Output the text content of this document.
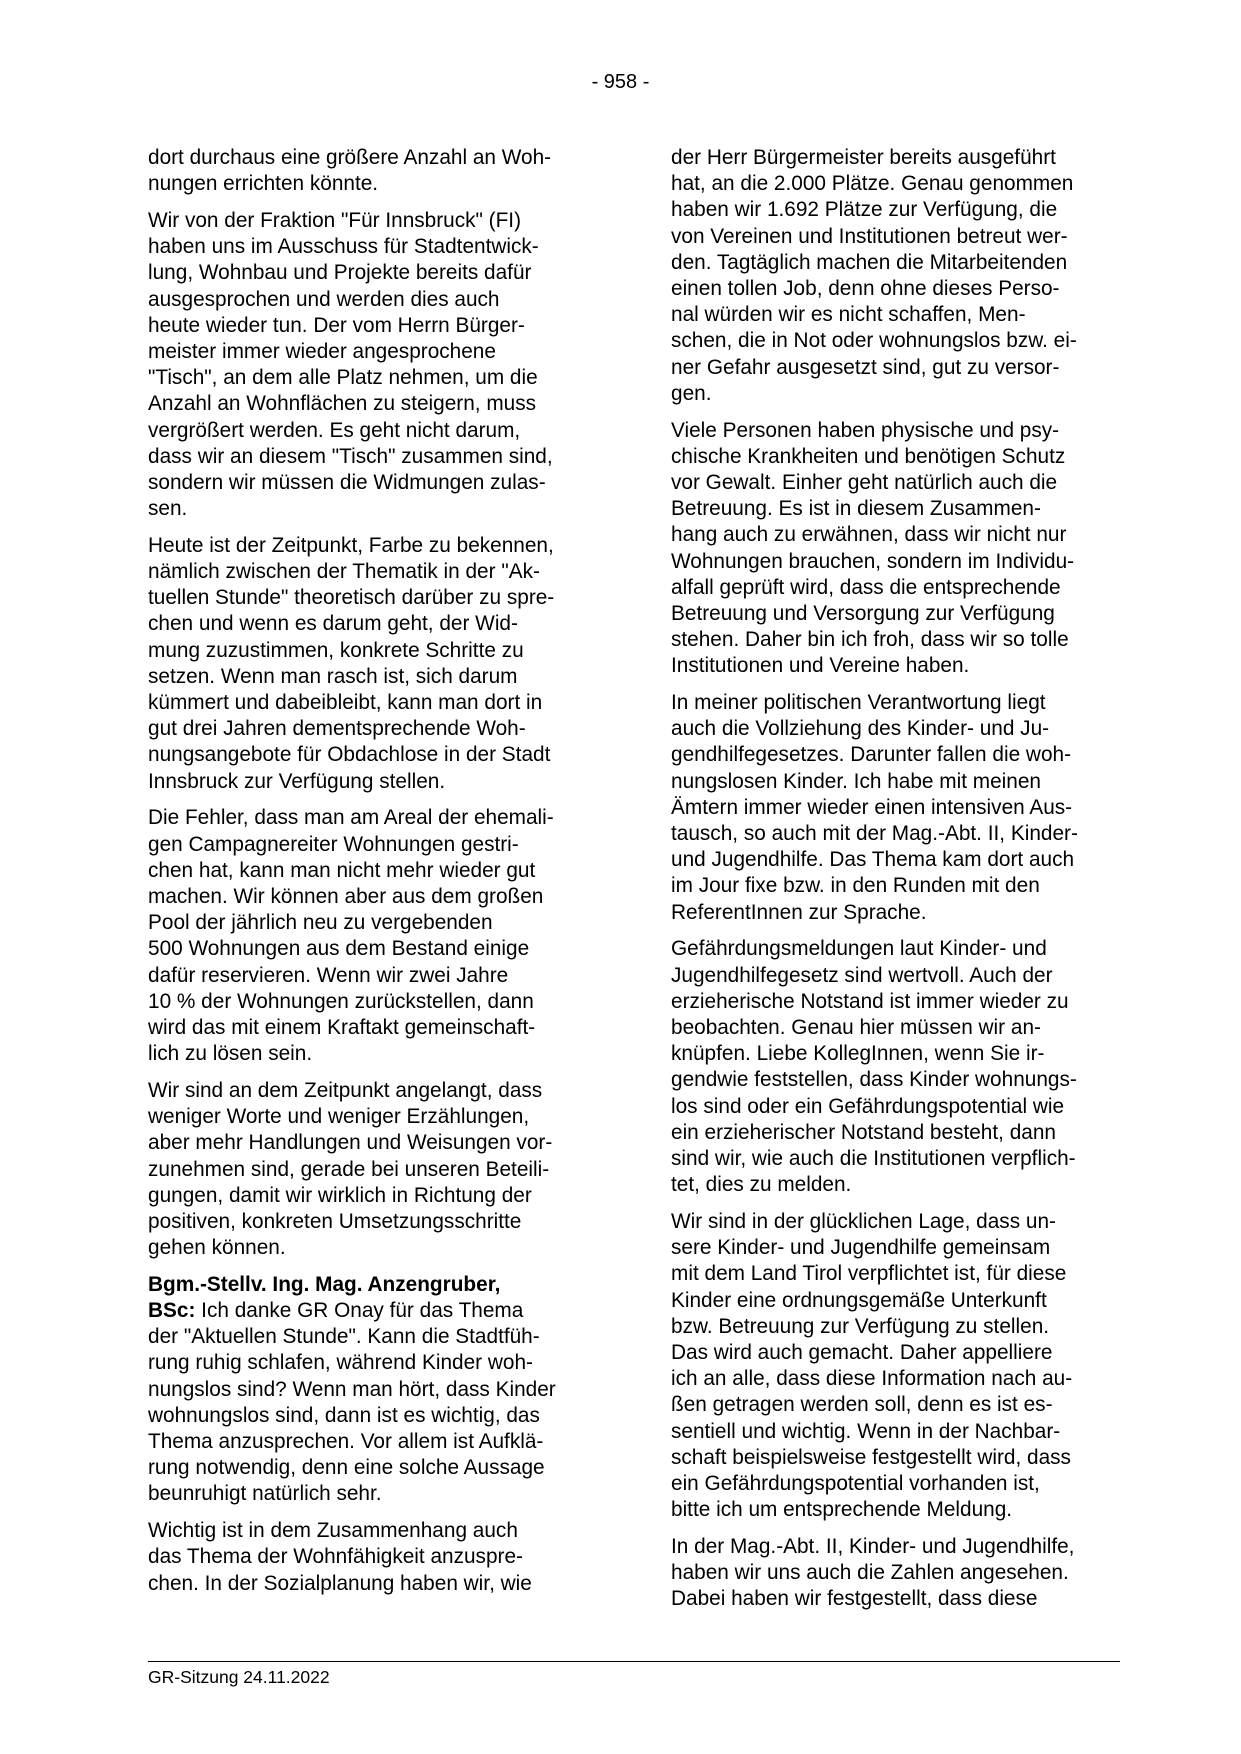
- 958 -

dort durchaus eine größere Anzahl an Woh-
nungen errichten könnte.

Wir von der Fraktion "Für Innsbruck" (FI)
haben uns im Ausschuss für Stadtentwick-
lung, Wohnbau und Projekte bereits dafür
ausgesprochen und werden dies auch
heute wieder tun. Der vom Herrn Bürger-
meister immer wieder angesprochene
"Tisch", an dem alle Platz nehmen, um die
Anzahl an Wohnflächen zu steigern, muss
vergrößert werden. Es geht nicht darum,
dass wir an diesem "Tisch" zusammen sind,
sondern wir müssen die Widmungen zulas-
sen.

Heute ist der Zeitpunkt, Farbe zu bekennen,
nämlich zwischen der Thematik in der "Ak-
tuellen Stunde" theoretisch darüber zu spre-
chen und wenn es darum geht, der Wid-
mung zuzustimmen, konkrete Schritte zu
setzen. Wenn man rasch ist, sich darum
kümmert und dabeibleibt, kann man dort in
gut drei Jahren dementsprechende Woh-
nungsangebote für Obdachlose in der Stadt
Innsbruck zur Verfügung stellen.

Die Fehler, dass man am Areal der ehemali-
gen Campagnereiter Wohnungen gestri-
chen hat, kann man nicht mehr wieder gut
machen. Wir können aber aus dem großen
Pool der jährlich neu zu vergebenden
500 Wohnungen aus dem Bestand einige
dafür reservieren. Wenn wir zwei Jahre
10 % der Wohnungen zurückstellen, dann
wird das mit einem Kraftakt gemeinschaft-
lich zu lösen sein.

Wir sind an dem Zeitpunkt angelangt, dass
weniger Worte und weniger Erzählungen,
aber mehr Handlungen und Weisungen vor-
zunehmen sind, gerade bei unseren Beteili-
gungen, damit wir wirklich in Richtung der
positiven, konkreten Umsetzungsschritte
gehen können.

Bgm.-Stellv. Ing. Mag. Anzengruber,
BSc: Ich danke GR Onay für das Thema
der "Aktuellen Stunde". Kann die Stadtfüh-
rung ruhig schlafen, während Kinder woh-
nungslos sind? Wenn man hört, dass Kinder
wohnungslos sind, dann ist es wichtig, das
Thema anzusprechen. Vor allem ist Aufklä-
rung notwendig, denn eine solche Aussage
beunruhigt natürlich sehr.

Wichtig ist in dem Zusammenhang auch
das Thema der Wohnfähigkeit anzuspre-
chen. In der Sozialplanung haben wir, wie

der Herr Bürgermeister bereits ausgeführt
hat, an die 2.000 Plätze. Genau genommen
haben wir 1.692 Plätze zur Verfügung, die
von Vereinen und Institutionen betreut wer-
den. Tagtäglich machen die Mitarbeitenden
einen tollen Job, denn ohne dieses Perso-
nal würden wir es nicht schaffen, Men-
schen, die in Not oder wohnungslos bzw. ei-
ner Gefahr ausgesetzt sind, gut zu versor-
gen.

Viele Personen haben physische und psy-
chische Krankheiten und benötigen Schutz
vor Gewalt. Einher geht natürlich auch die
Betreuung. Es ist in diesem Zusammen-
hang auch zu erwähnen, dass wir nicht nur
Wohnungen brauchen, sondern im Individu-
alfall geprüft wird, dass die entsprechende
Betreuung und Versorgung zur Verfügung
stehen. Daher bin ich froh, dass wir so tolle
Institutionen und Vereine haben.

In meiner politischen Verantwortung liegt
auch die Vollziehung des Kinder- und Ju-
gendhilfegesetzes. Darunter fallen die woh-
nungslosen Kinder. Ich habe mit meinen
Ämtern immer wieder einen intensiven Aus-
tausch, so auch mit der Mag.-Abt. II, Kinder-
und Jugendhilfe. Das Thema kam dort auch
im Jour fixe bzw. in den Runden mit den
ReferentInnen zur Sprache.

Gefährdungsmeldungen laut Kinder- und
Jugendhilfegesetz sind wertvoll. Auch der
erzieherische Notstand ist immer wieder zu
beobachten. Genau hier müssen wir an-
knüpfen. Liebe KollegInnen, wenn Sie ir-
gendwie feststellen, dass Kinder wohnungs-
los sind oder ein Gefährdungspotential wie
ein erzieherischer Notstand besteht, dann
sind wir, wie auch die Institutionen verpflich-
tet, dies zu melden.

Wir sind in der glücklichen Lage, dass un-
sere Kinder- und Jugendhilfe gemeinsam
mit dem Land Tirol verpflichtet ist, für diese
Kinder eine ordnungsgemäße Unterkunft
bzw. Betreuung zur Verfügung zu stellen.
Das wird auch gemacht. Daher appelliere
ich an alle, dass diese Information nach au-
ßen getragen werden soll, denn es ist es-
sentiell und wichtig. Wenn in der Nachbar-
schaft beispielsweise festgestellt wird, dass
ein Gefährdungspotential vorhanden ist,
bitte ich um entsprechende Meldung.

In der Mag.-Abt. II, Kinder- und Jugendhilfe,
haben wir uns auch die Zahlen angesehen.
Dabei haben wir festgestellt, dass diese

GR-Sitzung 24.11.2022
